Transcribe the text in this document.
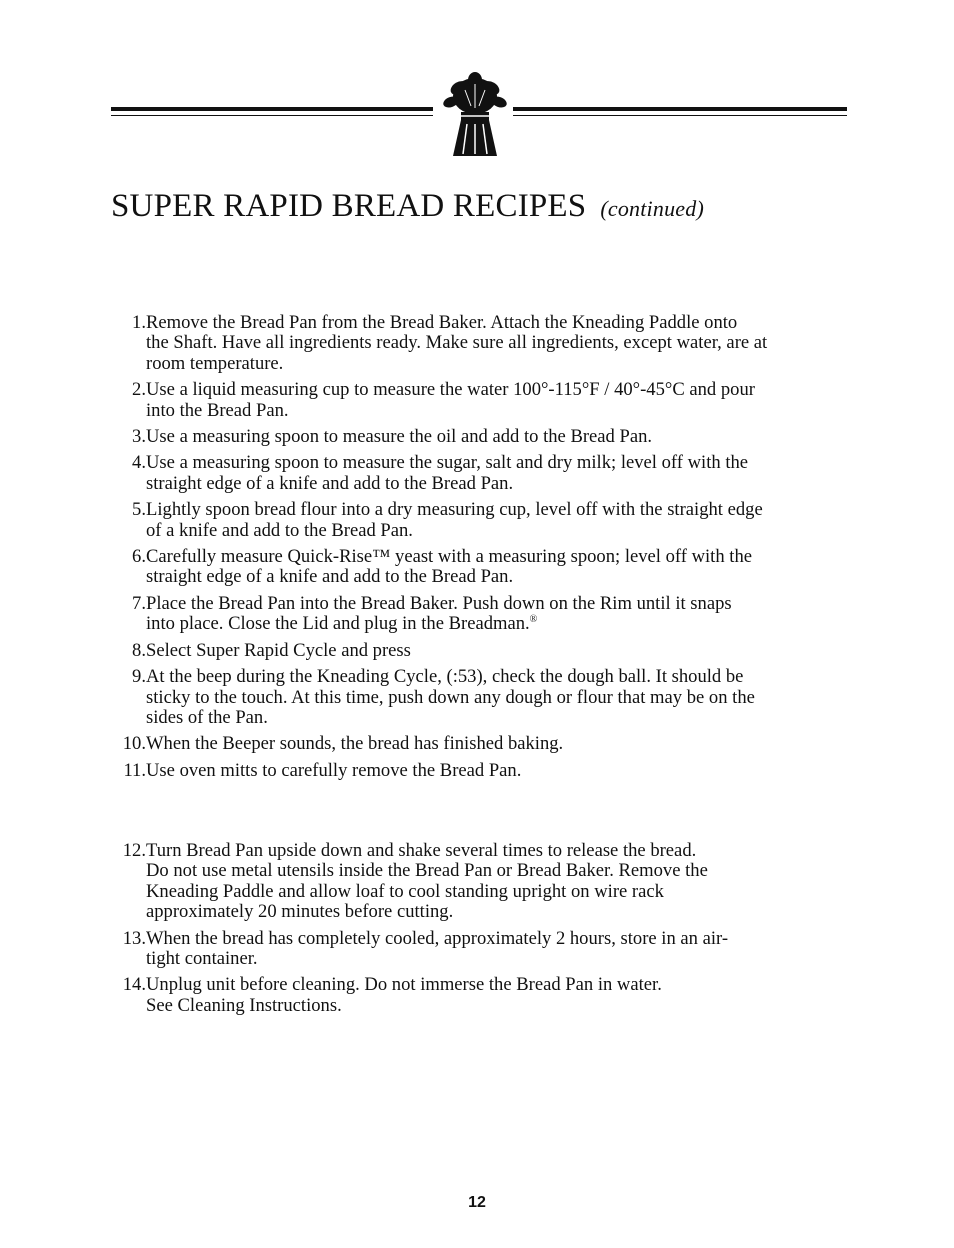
SUPER RAPID BREAD RECIPES (continued)
1. Remove the Bread Pan from the Bread Baker. Attach the Kneading Paddle onto
the Shaft. Have all ingredients ready. Make sure all ingredients, except water, are at
room temperature.
2. Use a liquid measuring cup to measure the water 100°-115°F / 40°-45°C and pour
into the Bread Pan.
3. Use a measuring spoon to measure the oil and add to the Bread Pan.
4. Use a measuring spoon to measure the sugar, salt and dry milk; level off with the
straight edge of a knife and add to the Bread Pan.
5. Lightly spoon bread flour into a dry measuring cup, level off with the straight edge
of a knife and add to the Bread Pan.
6. Carefully measure Quick-Rise™ yeast with a measuring spoon; level off with the
straight edge of a knife and add to the Bread Pan.
7. Place the Bread Pan into the Bread Baker. Push down on the Rim until it snaps
into place. Close the Lid and plug in the Breadman.®
8. Select Super Rapid Cycle and press
9. At the beep during the Kneading Cycle, (:53), check the dough ball. It should be
sticky to the touch. At this time, push down any dough or flour that may be on the
sides of the Pan.
10. When the Beeper sounds, the bread has finished baking.
11. Use oven mitts to carefully remove the Bread Pan.
12. Turn Bread Pan upside down and shake several times to release the bread.
Do not use metal utensils inside the Bread Pan or Bread Baker. Remove the
Kneading Paddle and allow loaf to cool standing upright on wire rack
approximately 20 minutes before cutting.
13. When the bread has completely cooled, approximately 2 hours, store in an air-
tight container.
14. Unplug unit before cleaning. Do not immerse the Bread Pan in water.
See Cleaning Instructions.
12
